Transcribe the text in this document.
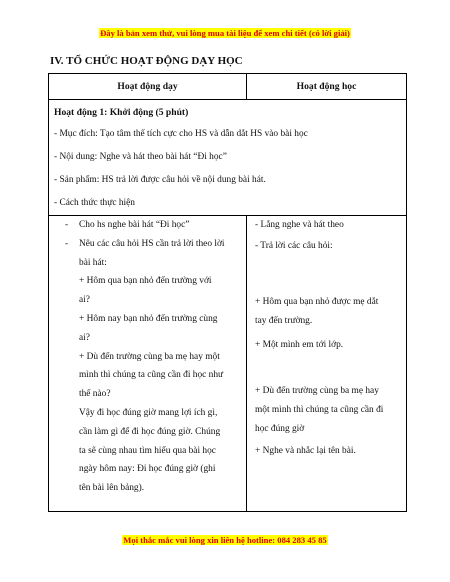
Đây là bản xem thử, vui lòng mua tài liệu để xem chi tiết (có lời giải)
IV. TỔ CHỨC HOẠT ĐỘNG DẠY HỌC
Hoạt động dạy	Hoạt động học
Hoạt động 1: Khởi động (5 phút)
- Mục đích: Tạo tâm thế tích cực cho HS và dẫn dắt HS vào bài học
- Nội dung: Nghe và hát theo bài hát “Đi học”
- Sản phẩm: HS trả lời được câu hỏi về nội dung bài hát.
- Cách thức thực hiện
- Cho hs nghe bài hát “Đi học”
- Nêu các câu hỏi HS cần trả lời theo lời
bài hát:
+ Hôm qua bạn nhỏ đến trường với
ai?
+ Hôm nay bạn nhỏ đến trường cùng
ai?
+ Dù đến trường cùng ba mẹ hay một
mình thì chúng ta cũng cần đi học như
thế nào?
Vậy đi học đúng giờ mang lợi ích gì,
cần làm gì để đi học đúng giờ. Chúng
ta sẽ cùng nhau tìm hiểu qua bài học
ngày hôm nay: Đi học đúng giờ (ghi
tên bài lên bảng).
- Lắng nghe và hát theo
- Trả lời các câu hỏi:
+ Hôm qua bạn nhỏ được mẹ dắt
tay đến trường.
+ Một mình em tới lớp.
+ Dù đến trường cùng ba mẹ hay
một mình thì chúng ta cũng cần đi
học đúng giờ
+ Nghe và nhắc lại tên bài.
Mọi thắc mắc vui lòng xin liên hệ hotline: 084 283 45 85
